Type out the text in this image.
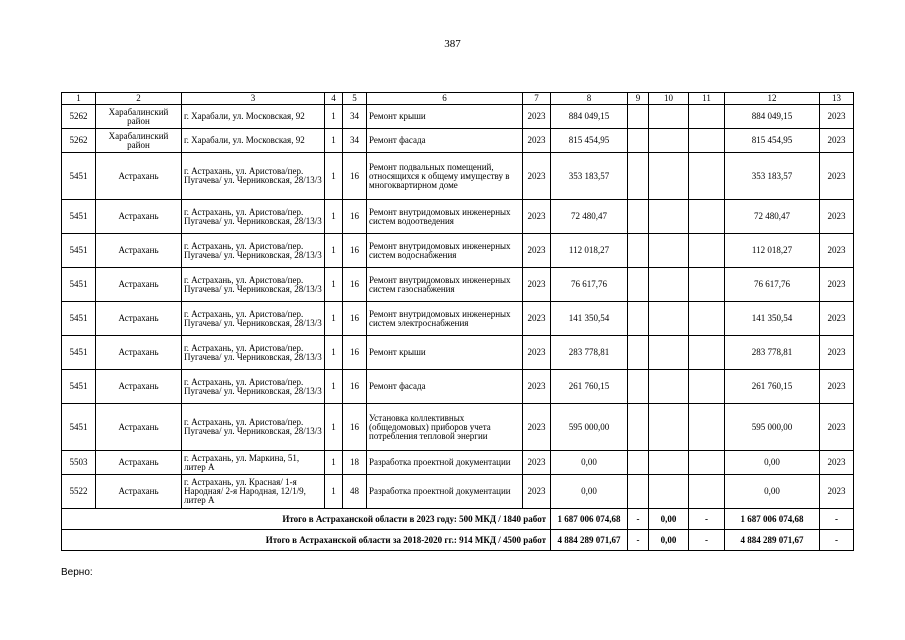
387
1	2	3	4	5	6	7	8	9	10	11	12	13
5262	Харабалинский район	г. Харабали, ул. Московская, 92	1	34	Ремонт крыши	2023	884 049,15				884 049,15	2023
5262	Харабалинский район	г. Харабали, ул. Московская, 92	1	34	Ремонт фасада	2023	815 454,95				815 454,95	2023
5451	Астрахань	г. Астрахань, ул. Аристова/пер. Пугачева/ ул. Черниковская, 28/13/3	1	16	Ремонт подвальных помещений, относящихся к общему имуществу в многоквартирном доме	2023	353 183,57				353 183,57	2023
5451	Астрахань	г. Астрахань, ул. Аристова/пер. Пугачева/ ул. Черниковская, 28/13/3	1	16	Ремонт внутридомовых инженерных систем водоотведения	2023	72 480,47				72 480,47	2023
5451	Астрахань	г. Астрахань, ул. Аристова/пер. Пугачева/ ул. Черниковская, 28/13/3	1	16	Ремонт внутридомовых инженерных систем водоснабжения	2023	112 018,27				112 018,27	2023
5451	Астрахань	г. Астрахань, ул. Аристова/пер. Пугачева/ ул. Черниковская, 28/13/3	1	16	Ремонт внутридомовых инженерных систем газоснабжения	2023	76 617,76				76 617,76	2023
5451	Астрахань	г. Астрахань, ул. Аристова/пер. Пугачева/ ул. Черниковская, 28/13/3	1	16	Ремонт внутридомовых инженерных систем электроснабжения	2023	141 350,54				141 350,54	2023
5451	Астрахань	г. Астрахань, ул. Аристова/пер. Пугачева/ ул. Черниковская, 28/13/3	1	16	Ремонт крыши	2023	283 778,81				283 778,81	2023
5451	Астрахань	г. Астрахань, ул. Аристова/пер. Пугачева/ ул. Черниковская, 28/13/3	1	16	Ремонт фасада	2023	261 760,15				261 760,15	2023
5451	Астрахань	г. Астрахань, ул. Аристова/пер. Пугачева/ ул. Черниковская, 28/13/3	1	16	Установка коллективных (общедомовых) приборов учета потребления тепловой энергии	2023	595 000,00				595 000,00	2023
5503	Астрахань	г. Астрахань, ул. Маркина, 51, литер А	1	18	Разработка проектной документации	2023	0,00				0,00	2023
5522	Астрахань	г. Астрахань, ул. Красная/ 1-я Народная/ 2-я Народная, 12/1/9, литер А	1	48	Разработка проектной документации	2023	0,00				0,00	2023
Итого в Астраханской области в 2023 году: 500 МКД / 1840 работ							1 687 006 074,68	-	0,00	-	1 687 006 074,68	-
Итого в Астраханской области за 2018-2020 гг.: 914 МКД / 4500 работ							4 884 289 071,67	-	0,00	-	4 884 289 071,67	-
Верно:
